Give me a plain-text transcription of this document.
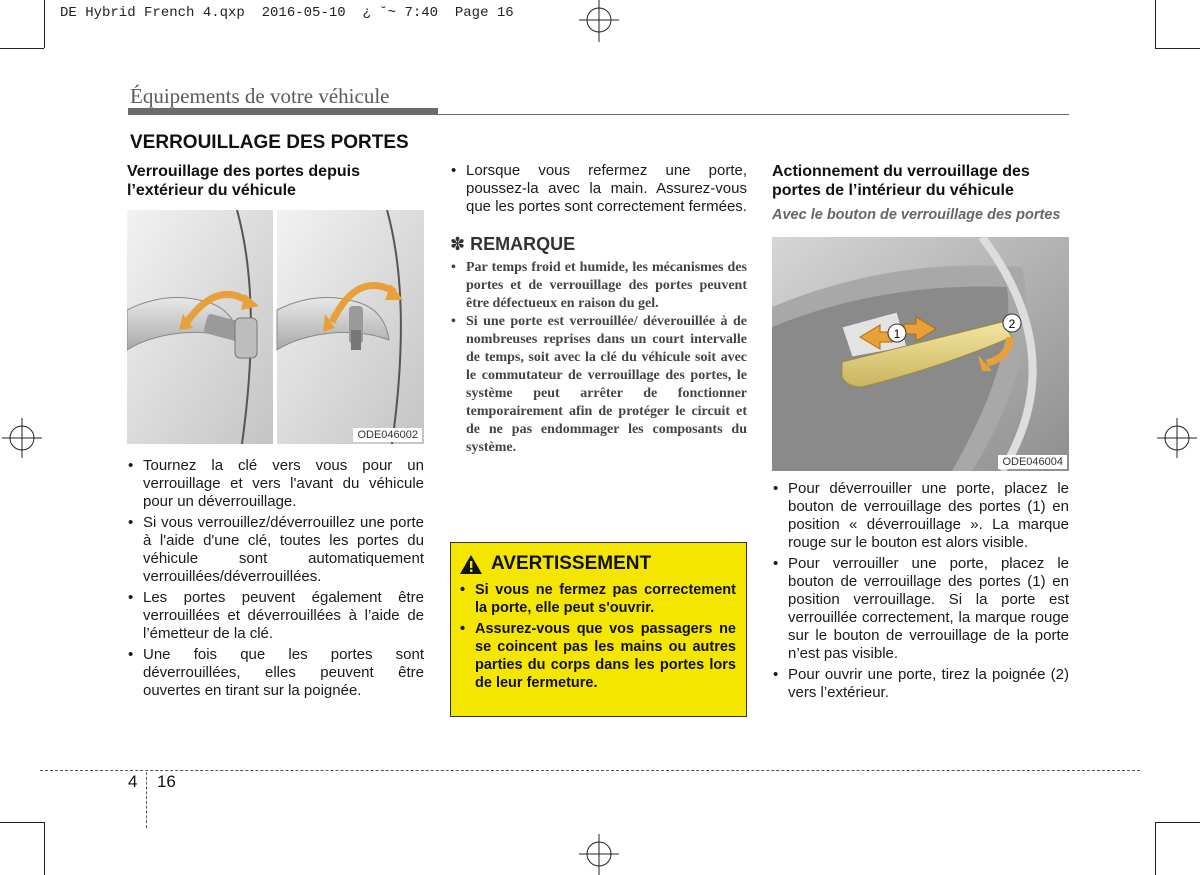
DE Hybrid French 4.qxp  2016-05-10  ¿ ˘~ 7:40  Page 16
Équipements de votre véhicule
VERROUILLAGE DES PORTES
Verrouillage des portes depuis l’extérieur du véhicule
ODE046002
• Tournez la clé vers vous pour un verrouillage et vers l'avant du véhicule pour un déverrouillage.
• Si vous verrouillez/déverrouillez une porte à l'aide d'une clé, toutes les portes du véhicule sont automatiquement verrouillées/déverrouillées.
• Les portes peuvent également être verrouillées et déverrouillées à l’aide de l’émetteur de la clé.
• Une fois que les portes sont déverrouillées, elles peuvent être ouvertes en tirant sur la poignée.
• Lorsque vous refermez une porte, poussez-la avec la main. Assurez-vous que les portes sont correctement fermées.
✽ REMARQUE
• Par temps froid et humide, les mécanismes des portes et de verrouillage des portes peuvent être défectueux en raison du gel.
• Si une porte est verrouillée/ déverouillée à de nombreuses reprises dans un court intervalle de temps, soit avec la clé du véhicule soit avec le commutateur de verrouillage des portes, le système peut arrêter de fonctionner temporairement afin de protéger le circuit et de ne pas endommager les composants du système.
AVERTISSEMENT
• Si vous ne fermez pas correctement la porte, elle peut s'ouvrir.
• Assurez-vous que vos passagers ne se coincent pas les mains ou autres parties du corps dans les portes lors de leur fermeture.
Actionnement du verrouillage des portes de l’intérieur du véhicule
Avec le bouton de verrouillage des portes
1
2
ODE046004
• Pour déverrouiller une porte, placez le bouton de verrouillage des portes (1) en position « déverrouillage ». La marque rouge sur le bouton est alors visible.
• Pour verrouiller une porte, placez le bouton de verrouillage des portes (1) en position verrouillage. Si la porte est verrouillée correctement, la marque rouge sur le bouton de verrouillage de la porte n’est pas visible.
• Pour ouvrir une porte, tirez la poignée (2) vers l’extérieur.
4 16
